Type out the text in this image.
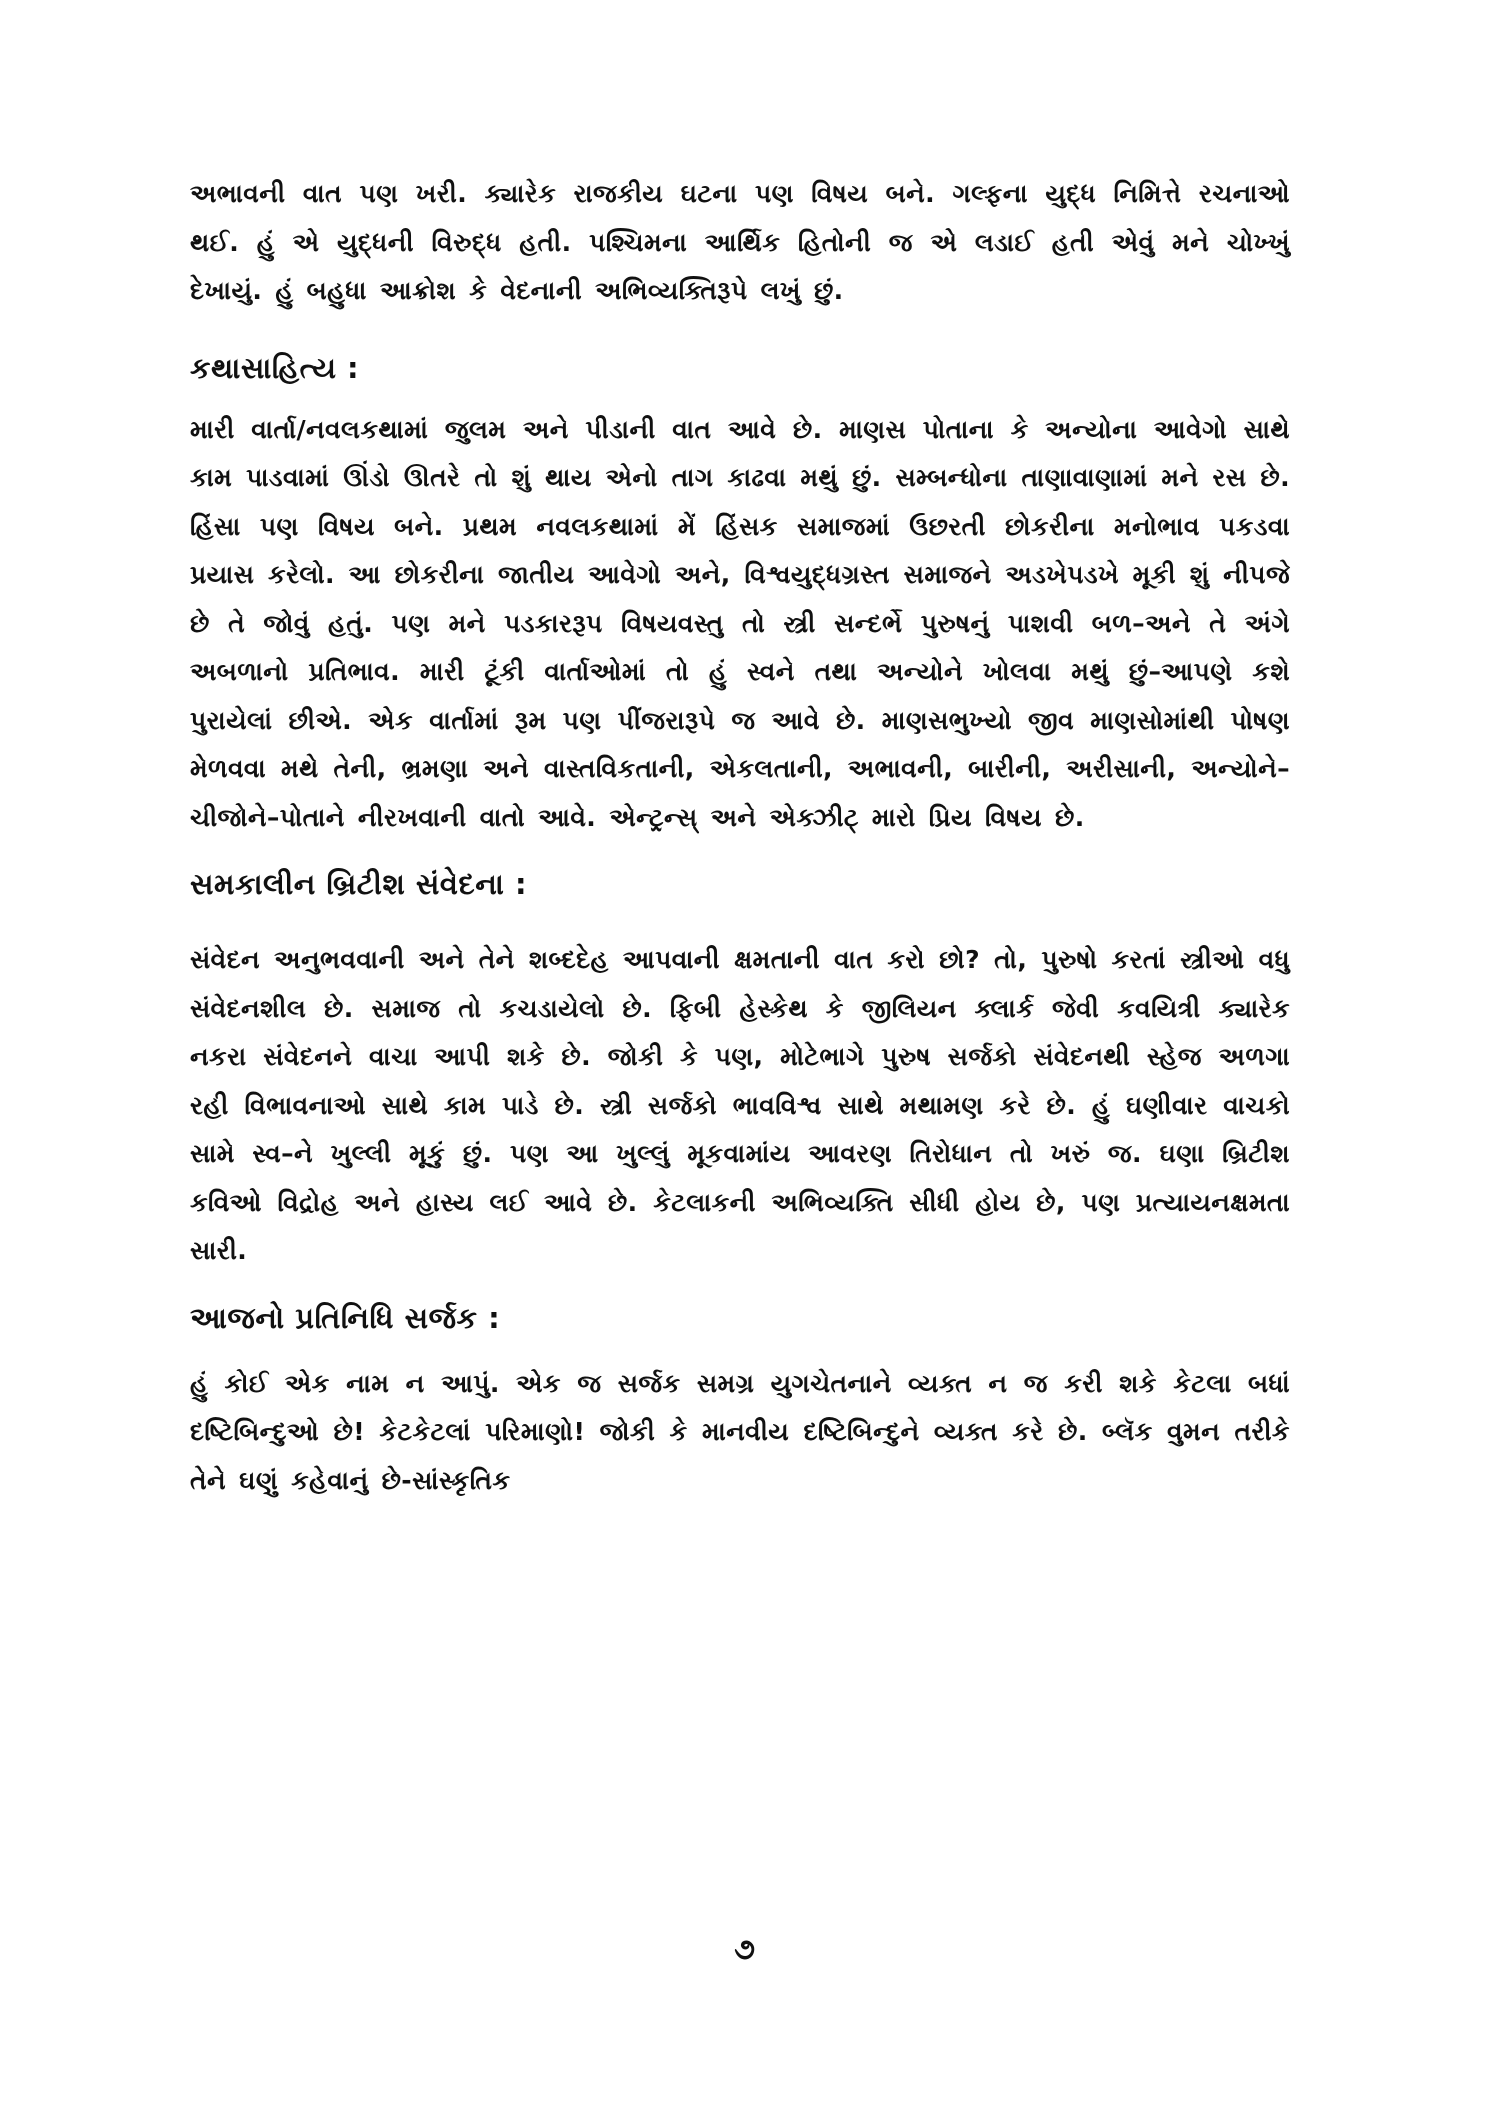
અભાવની વાત પણ ખરી. ક્યારેક રાજકીય ઘટના પણ વિષય બને. ગલ્ફના યુદ્ધ નિમિત્તે રચનાઓ થઈ. હું એ યુદ્ધની વિરુદ્ધ હતી. પશ્ચિમના આર્થિક હિતોની જ એ લડાઈ હતી એવું મને ચોખ્ખું દેખાયું. હું બહુધા આક્રોશ કે વેદનાની અભિવ્યક્તિરૂપે લખું છું.

કથાસાહિત્ય :

મારી વાર્તા/નવલકથામાં જુલમ અને પીડાની વાત આવે છે. માણસ પોતાના કે અન્યોના આવેગો સાથે કામ પાડવામાં ઊંડો ઊતરે તો શું થાય એનો તાગ કાઢવા મથું છું. સમ્બન્ધોના તાણાવાણામાં મને રસ છે. હિંસા પણ વિષય બને. પ્રથમ નવલકથામાં મેં હિંસક સમાજમાં ઉછરતી છોકરીના મનોભાવ પકડવા પ્રયાસ કરેલો. આ છોકરીના જાતીય આવેગો અને, વિશ્વયુદ્ધગ્રસ્ત સમાજને અડખેપડખે મૂકી શું નીપજે છે તે જોવું હતું. પણ મને પડકારરૂપ વિષયવસ્તુ તો સ્ત્રી સન્દર્ભે પુરુષનું પાશવી બળ–અને તે અંગે અબળાનો પ્રતિભાવ. મારી ટૂંકી વાર્તાઓમાં તો હું સ્વને તથા અન્યોને ખોલવા મથું છું–આપણે કશે પુરાયેલાં છીએ. એક વાર્તામાં રૂમ પણ પીંજરારૂપે જ આવે છે. માણસભુખ્યો જીવ માણસોમાંથી પોષણ મેળવવા મથે તેની, ભ્રમણા અને વાસ્તવિકતાની, એકલતાની, અભાવની, બારીની, અરીસાની, અન્યોને–ચીજોને–પોતાને નીરખવાની વાતો આવે. એન્ટ્રન્સ્ અને એક્ઝીટ્ મારો પ્રિય વિષય છે.

સમકાલીન બ્રિટીશ સંવેદના :

સંવેદન અનુભવવાની અને તેને શબ્દદેહ આપવાની ક્ષમતાની વાત કરો છો? તો, પુરુષો કરતાં સ્ત્રીઓ વધુ સંવેદનશીલ છે. સમાજ તો કચડાયેલો છે. ફિબી હેસ્કેથ કે જીલિયન ક્લાર્ક જેવી કવયિત્રી ક્યારેક નકરા સંવેદનને વાચા આપી શકે છે. જોકી કે પણ, મોટેભાગે પુરુષ સર્જકો સંવેદનથી સ્હેજ અળગા રહી વિભાવનાઓ સાથે કામ પાડે છે. સ્ત્રી સર્જકો ભાવવિશ્વ સાથે મથામણ કરે છે. હું ઘણીવાર વાચકો સામે સ્વ–ને ખુલ્લી મૂકું છું. પણ આ ખુલ્લું મૂકવામાંય આવરણ તિરોધાન તો ખરું જ. ઘણા બ્રિટીશ કવિઓ વિદ્રોહ અને હાસ્ય લઈ આવે છે. કેટલાકની અભિવ્યક્તિ સીધી હોય છે, પણ પ્રત્યાયનક્ષમતા સારી.

આજનો પ્રતિનિધિ સર્જક :

હું કોઈ એક નામ ન આપું. એક જ સર્જક સમગ્ર યુગચેતનાને વ્યક્ત ન જ કરી શકે કેટલા બધાં દષ્ટિબિન્દુઓ છે! કેટકેટલાં પરિમાણો! જોકી કે માનવીય દષ્ટિબિન્દુને વ્યક્ત કરે છે. બ્લૅક વુમન તરીકે તેને ઘણું કહેવાનું છે-સાંસ્કૃતિક

૭
